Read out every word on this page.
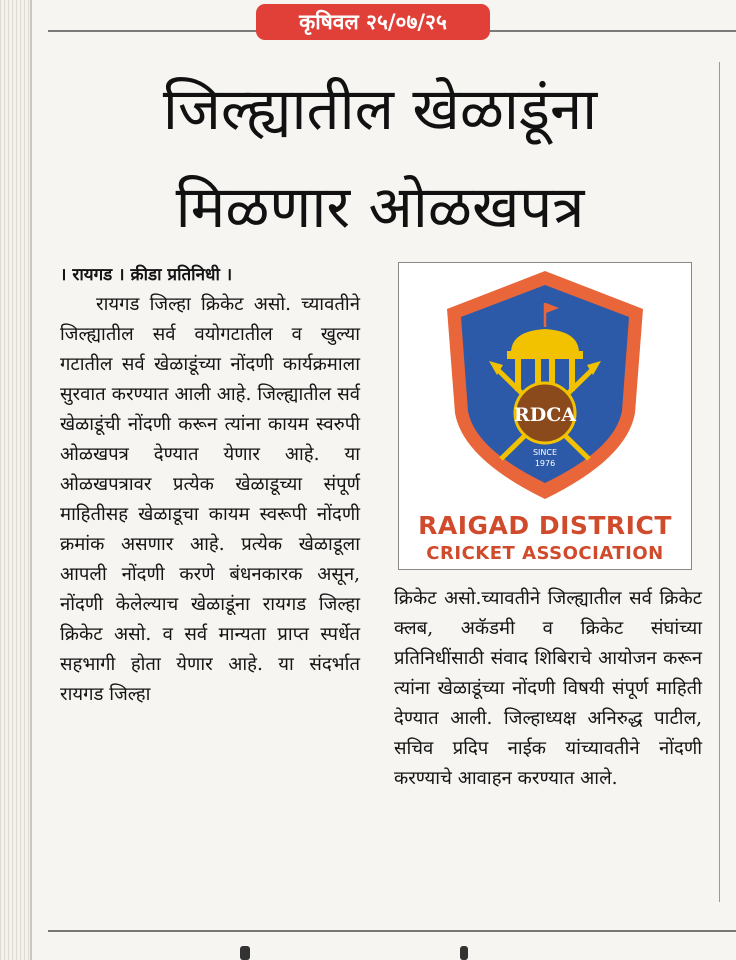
कृषिवल २५/०७/२५
जिल्ह्यातील खेळाडूंना
मिळणार ओळखपत्र

। रायगड । क्रीडा प्रतिनिधी ।

रायगड जिल्हा क्रिकेट असो. च्यावतीने जिल्ह्यातील सर्व वयोगटातील व खुल्या गटातील सर्व खेळाडूंच्या नोंदणी कार्यक्रमाला सुरवात करण्यात आली आहे. जिल्ह्यातील सर्व खेळाडूंची नोंदणी करून त्यांना कायम स्वरुपी ओळखपत्र देण्यात येणार आहे. या ओळखपत्रावर प्रत्येक खेळाडूच्या संपूर्ण माहितीसह खेळाडूचा कायम स्वरूपी नोंदणी क्रमांक असणार आहे. प्रत्येक खेळाडूला आपली नोंदणी करणे बंधनकारक असून, नोंदणी केलेल्याच खेळाडूंना रायगड जिल्हा क्रिकेट असो. व सर्व मान्यता प्राप्त स्पर्धेत सहभागी होता येणार आहे. या संदर्भात रायगड जिल्हा

RDCA
SINCE
1976
RAIGAD DISTRICT
CRICKET ASSOCIATION

क्रिकेट असो.च्यावतीने जिल्ह्यातील सर्व क्रिकेट क्लब, अकॅडमी व क्रिकेट संघांच्या प्रतिनिधींसाठी संवाद शिबिराचे आयोजन करून त्यांना खेळाडूंच्या नोंदणी विषयी संपूर्ण माहिती देण्यात आली. जिल्हाध्यक्ष अनिरुद्ध पाटील, सचिव प्रदिप नाईक यांच्यावतीने नोंदणी करण्याचे आवाहन करण्यात आले.
